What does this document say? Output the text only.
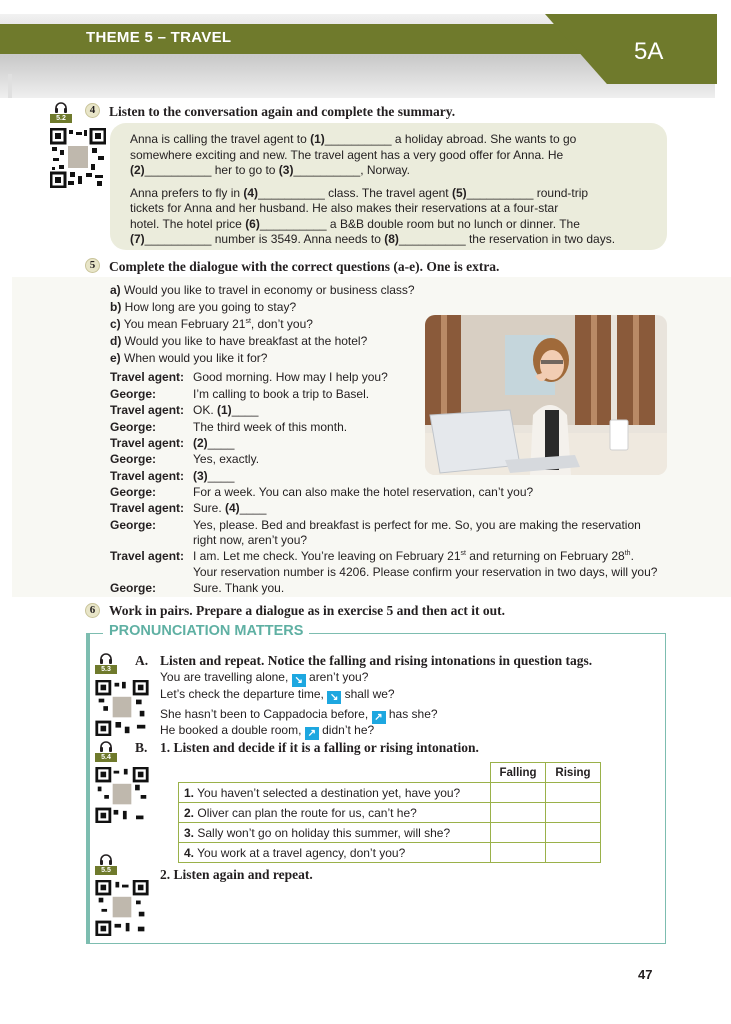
THEME 5 – TRAVEL
5A
5.2
4	Listen to the conversation again and complete the summary.
Anna is calling the travel agent to (1)__________ a holiday abroad. She wants to go
somewhere exciting and new. The travel agent has a very good offer for Anna. He
(2)__________ her to go to (3)__________, Norway.
Anna prefers to fly in (4)__________ class. The travel agent (5)__________ round-trip
tickets for Anna and her husband. He also makes their reservations at a four-star
hotel. The hotel price (6)__________ a B&B double room but no lunch or dinner. The
(7)__________ number is 3549. Anna needs to (8)__________ the reservation in two days.
5	Complete the dialogue with the correct questions (a-e). One is extra.
a) Would you like to travel in economy or business class?
b) How long are you going to stay?
c) You mean February 21st, don’t you?
d) Would you like to have breakfast at the hotel?
e) When would you like it for?
Travel agent: Good morning. How may I help you?
George:	I’m calling to book a trip to Basel.
Travel agent: OK. (1)____
George:	The third week of this month.
Travel agent: (2)____
George:	Yes, exactly.
Travel agent: (3)____
George:	For a week. You can also make the hotel reservation, can’t you?
Travel agent: Sure. (4)____
George:	Yes, please. Bed and breakfast is perfect for me. So, you are making the reservation
right now, aren’t you?
Travel agent: I am. Let me check. You’re leaving on February 21st and returning on February 28th.
Your reservation number is 4206. Please confirm your reservation in two days, will you?
George:	Sure. Thank you.
6	Work in pairs. Prepare a dialogue as in exercise 5 and then act it out.
PRONUNCIATION MATTERS
5.3
A. Listen and repeat. Notice the falling and rising intonations in question tags.
You are travelling alone, ↘ aren’t you?
Let’s check the departure time, ↘ shall we?
She hasn’t been to Cappadocia before, ↗ has she?
He booked a double room, ↗ didn’t he?
5.4
B. 1. Listen and decide if it is a falling or rising intonation.
	Falling	Rising
1. You haven’t selected a destination yet, have you?		
2. Oliver can plan the route for us, can’t he?		
3. Sally won’t go on holiday this summer, will she?		
4. You work at a travel agency, don’t you?		
5.5	2. Listen again and repeat.
47
